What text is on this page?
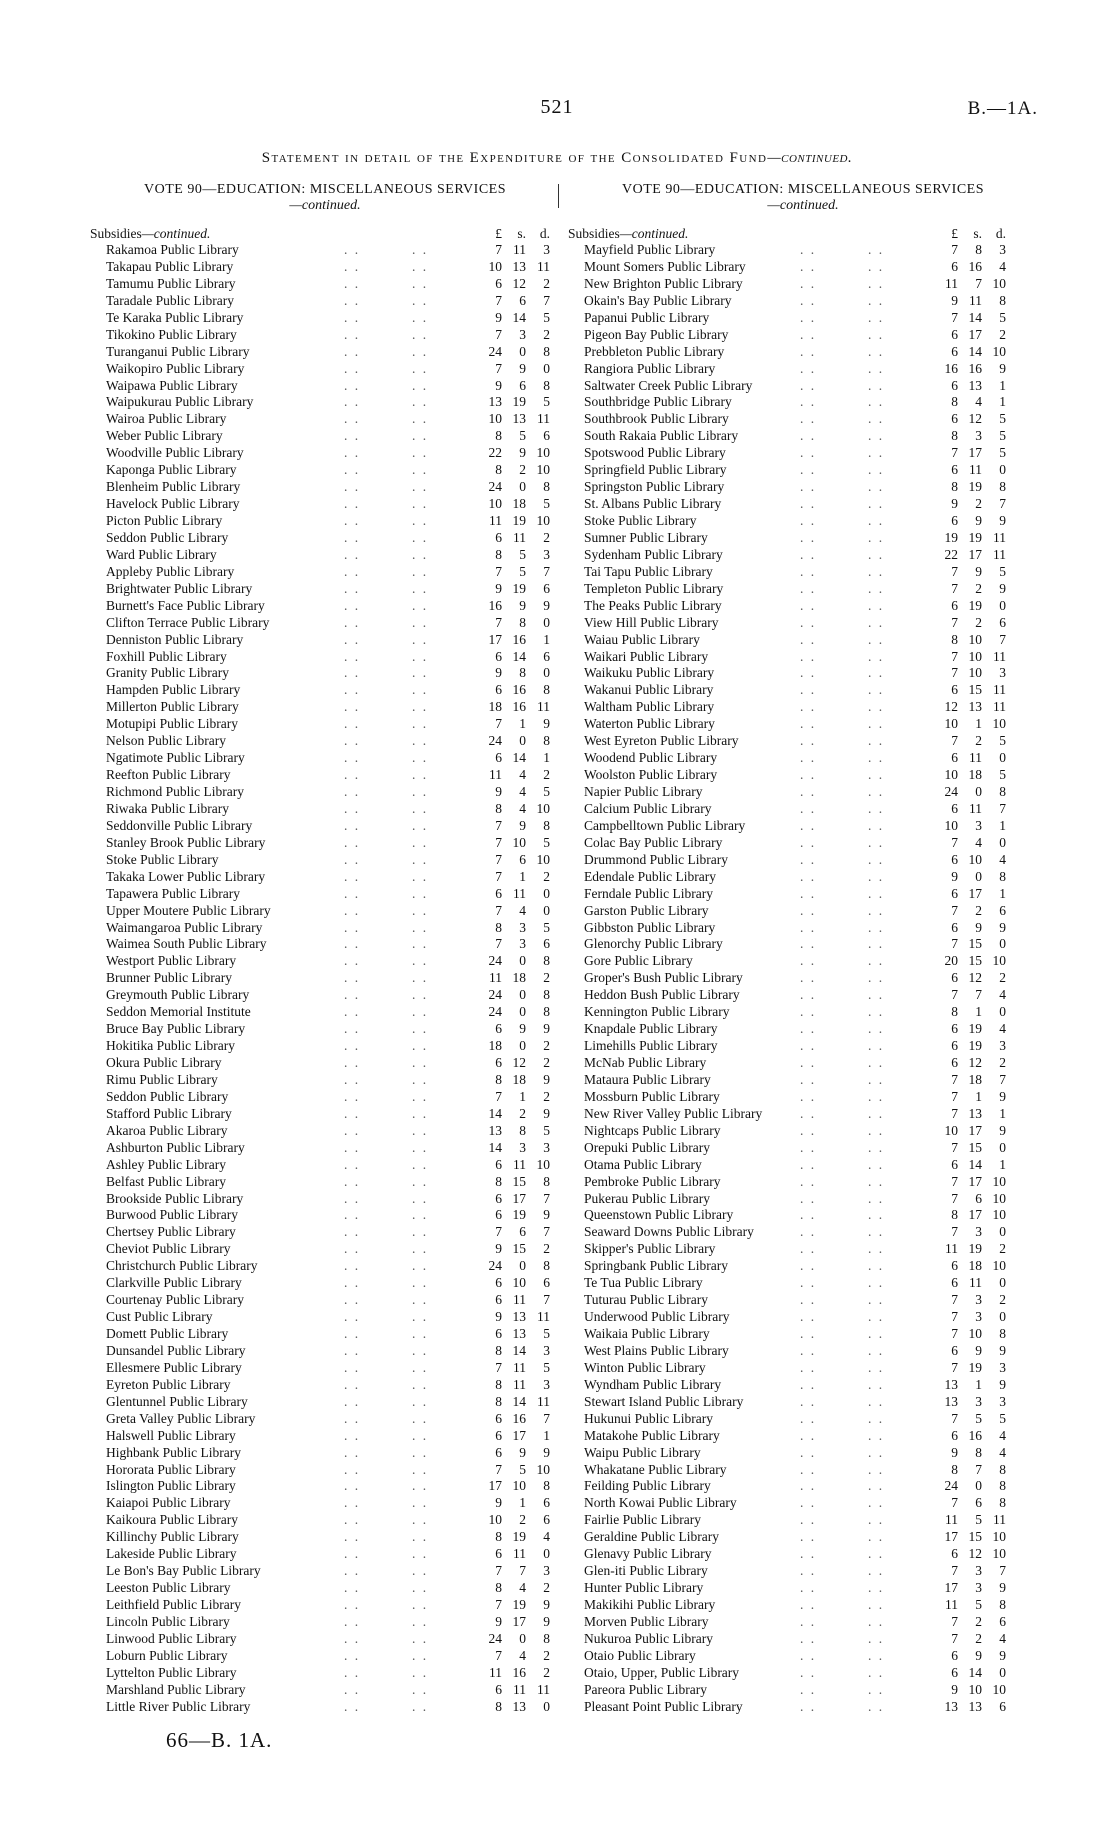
521	B.—1A.
Statement in detail of the Expenditure of the Consolidated Fund—continued.
VOTE 90—EDUCATION: MISCELLANEOUS SERVICES
—continued.
Subsidies—continued.	£	s.	d.
Rakamoa Public Library	. .	. .	7 11	3
Takapau Public Library	. .	. .	10 13 11
Tamumu Public Library	. .	. .	6 12	2
Taradale Public Library	. .	. .	7	6	7
Te Karaka Public Library	. .	. .	9 14	5
Tikokino Public Library	. .	. .	7	3	2
Turanganui Public Library	. .	. .	24	0	8
Waikopiro Public Library	. .	. .	7	9	0
Waipawa Public Library	. .	. .	9	6	8
Waipukurau Public Library	. .	. .	13 19	5
Wairoa Public Library	. .	. .	10 13 11
Weber Public Library	. .	. .	8	5	6
Woodville Public Library	. .	. .	22	9 10
Kaponga Public Library	. .	. .	8	2 10
Blenheim Public Library	. .	. .	24	0	8
Havelock Public Library	. .	. .	10 18	5
Picton Public Library	. .	. .	11 19 10
Seddon Public Library	. .	. .	6 11	2
Ward Public Library	. .	. .	8	5	3
Appleby Public Library	. .	. .	7	5	7
Brightwater Public Library	. .	. .	9 19	6
Burnett's Face Public Library	. .	. .	16	9	9
Clifton Terrace Public Library	. .	. .	7	8	0
Denniston Public Library	. .	. .	17 16	1
Foxhill Public Library	. .	. .	6 14	6
Granity Public Library	. .	. .	9	8	0
Hampden Public Library	. .	. .	6 16	8
Millerton Public Library	. .	. .	18 16 11
Motupipi Public Library	. .	. .	7	1	9
Nelson Public Library	. .	. .	24	0	8
Ngatimote Public Library	. .	. .	6 14	1
Reefton Public Library	. .	. .	11	4	2
Richmond Public Library	. .	. .	9	4	5
Riwaka Public Library	. .	. .	8	4 10
Seddonville Public Library	. .	. .	7	9	8
Stanley Brook Public Library	. .	. .	7 10	5
Stoke Public Library	. .	. .	7	6 10
Takaka Lower Public Library	. .	. .	7	1	2
Tapawera Public Library	. .	. .	6 11	0
Upper Moutere Public Library	. .	. .	7	4	0
Waimangaroa Public Library	. .	. .	8	3	5
Waimea South Public Library	. .	. .	7	3	6
Westport Public Library	. .	. .	24	0	8
Brunner Public Library	. .	. .	11 18	2
Greymouth Public Library	. .	. .	24	0	8
Seddon Memorial Institute	. .	. .	24	0	8
Bruce Bay Public Library	. .	. .	6	9	9
Hokitika Public Library	. .	. .	18	0	2
Okura Public Library	. .	. .	6 12	2
Rimu Public Library	. .	. .	8 18	9
Seddon Public Library	. .	. .	7	1	2
Stafford Public Library	. .	. .	14	2	9
Akaroa Public Library	. .	. .	13	8	5
Ashburton Public Library	. .	. .	14	3	3
Ashley Public Library	. .	. .	6 11 10
Belfast Public Library	. .	. .	8 15	8
Brookside Public Library	. .	. .	6 17	7
Burwood Public Library	. .	. .	6 19	9
Chertsey Public Library	. .	. .	7	6	7
Cheviot Public Library	. .	. .	9 15	2
Christchurch Public Library	. .	. .	24	0	8
Clarkville Public Library	. .	. .	6 10	6
Courtenay Public Library	. .	. .	6 11	7
Cust Public Library	. .	. .	9 13 11
Domett Public Library	. .	. .	6 13	5
Dunsandel Public Library	. .	. .	8 14	3
Ellesmere Public Library	. .	. .	7 11	5
Eyreton Public Library	. .	. .	8 11	3
Glentunnel Public Library	. .	. .	8 14 11
Greta Valley Public Library	. .	. .	6 16	7
Halswell Public Library	. .	. .	6 17	1
Highbank Public Library	. .	. .	6	9	9
Hororata Public Library	. .	. .	7	5 10
Islington Public Library	. .	. .	17 10	8
Kaiapoi Public Library	. .	. .	9	1	6
Kaikoura Public Library	. .	. .	10	2	6
Killinchy Public Library	. .	. .	8 19	4
Lakeside Public Library	. .	. .	6 11	0
Le Bon's Bay Public Library	. .	. .	7	7	3
Leeston Public Library	. .	. .	8	4	2
Leithfield Public Library	. .	. .	7 19	9
Lincoln Public Library	. .	. .	9 17	9
Linwood Public Library	. .	. .	24	0	8
Loburn Public Library	. .	. .	7	4	2
Lyttelton Public Library	. .	. .	11 16	2
Marshland Public Library	. .	. .	6 11 11
Little River Public Library	. .	. .	8 13	0
VOTE 90—EDUCATION: MISCELLANEOUS SERVICES
—continued.
Subsidies—continued.	£	s.	d.
Mayfield Public Library	. .	. .	7	8	3
Mount Somers Public Library	. .	. .	6 16	4
New Brighton Public Library	. .	. .	11	7 10
Okain's Bay Public Library	. .	. .	9 11	8
Papanui Public Library	. .	. .	7 14	5
Pigeon Bay Public Library	. .	. .	6 17	2
Prebbleton Public Library	. .	. .	6 14 10
Rangiora Public Library	. .	. .	16 16	9
Saltwater Creek Public Library	. .	. .	6 13	1
Southbridge Public Library	. .	. .	8	4	1
Southbrook Public Library	. .	. .	6 12	5
South Rakaia Public Library	. .	. .	8	3	5
Spotswood Public Library	. .	. .	7 17	5
Springfield Public Library	. .	. .	6 11	0
Springston Public Library	. .	. .	8 19	8
St. Albans Public Library	. .	. .	9	2	7
Stoke Public Library	. .	. .	6	9	9
Sumner Public Library	. .	. .	19 19 11
Sydenham Public Library	. .	. .	22 17 11
Tai Tapu Public Library	. .	. .	7	9	5
Templeton Public Library	. .	. .	7	2	9
The Peaks Public Library	. .	. .	6 19	0
View Hill Public Library	. .	. .	7	2	6
Waiau Public Library	. .	. .	8 10	7
Waikari Public Library	. .	. .	7 10 11
Waikuku Public Library	. .	. .	7 10	3
Wakanui Public Library	. .	. .	6 15 11
Waltham Public Library	. .	. .	12 13 11
Waterton Public Library	. .	. .	10	1 10
West Eyreton Public Library	. .	. .	7	2	5
Woodend Public Library	. .	. .	6 11	0
Woolston Public Library	. .	. .	10 18	5
Napier Public Library	. .	. .	24	0	8
Calcium Public Library	. .	. .	6 11	7
Campbelltown Public Library	. .	. .	10	3	1
Colac Bay Public Library	. .	. .	7	4	0
Drummond Public Library	. .	. .	6 10	4
Edendale Public Library	. .	. .	9	0	8
Ferndale Public Library	. .	. .	6 17	1
Garston Public Library	. .	. .	7	2	6
Gibbston Public Library	. .	. .	6	9	9
Glenorchy Public Library	. .	. .	7 15	0
Gore Public Library	. .	. .	20 15 10
Groper's Bush Public Library	. .	. .	6 12	2
Heddon Bush Public Library	. .	. .	7	7	4
Kennington Public Library	. .	. .	8	1	0
Knapdale Public Library	. .	. .	6 19	4
Limehills Public Library	. .	. .	6 19	3
McNab Public Library	. .	. .	6 12	2
Mataura Public Library	. .	. .	7 18	7
Mossburn Public Library	. .	. .	7	1	9
New River Valley Public Library	. .	. .	7 13	1
Nightcaps Public Library	. .	. .	10 17	9
Orepuki Public Library	. .	. .	7 15	0
Otama Public Library	. .	. .	6 14	1
Pembroke Public Library	. .	. .	7 17 10
Pukerau Public Library	. .	. .	7	6 10
Queenstown Public Library	. .	. .	8 17 10
Seaward Downs Public Library	. .	. .	7	3	0
Skipper's Public Library	. .	. .	11 19	2
Springbank Public Library	. .	. .	6 18 10
Te Tua Public Library	. .	. .	6 11	0
Tuturau Public Library	. .	. .	7	3	2
Underwood Public Library	. .	. .	7	3	0
Waikaia Public Library	. .	. .	7 10	8
West Plains Public Library	. .	. .	6	9	9
Winton Public Library	. .	. .	7 19	3
Wyndham Public Library	. .	. .	13	1	9
Stewart Island Public Library	. .	. .	13	3	3
Hukunui Public Library	. .	. .	7	5	5
Matakohe Public Library	. .	. .	6 16	4
Waipu Public Library	. .	. .	9	8	4
Whakatane Public Library	. .	. .	8	7	8
Feilding Public Library	. .	. .	24	0	8
North Kowai Public Library	. .	. .	7	6	8
Fairlie Public Library	. .	. .	11	5 11
Geraldine Public Library	. .	. .	17 15 10
Glenavy Public Library	. .	. .	6 12 10
Glen-iti Public Library	. .	. .	7	3	7
Hunter Public Library	. .	. .	17	3	9
Makikihi Public Library	. .	. .	11	5	8
Morven Public Library	. .	. .	7	2	6
Nukuroa Public Library	. .	. .	7	2	4
Otaio Public Library	. .	. .	6	9	9
Otaio, Upper, Public Library	. .	. .	6 14	0
Pareora Public Library	. .	. .	9 10 10
Pleasant Point Public Library	. .	. .	13 13	6
66—B. 1A.
